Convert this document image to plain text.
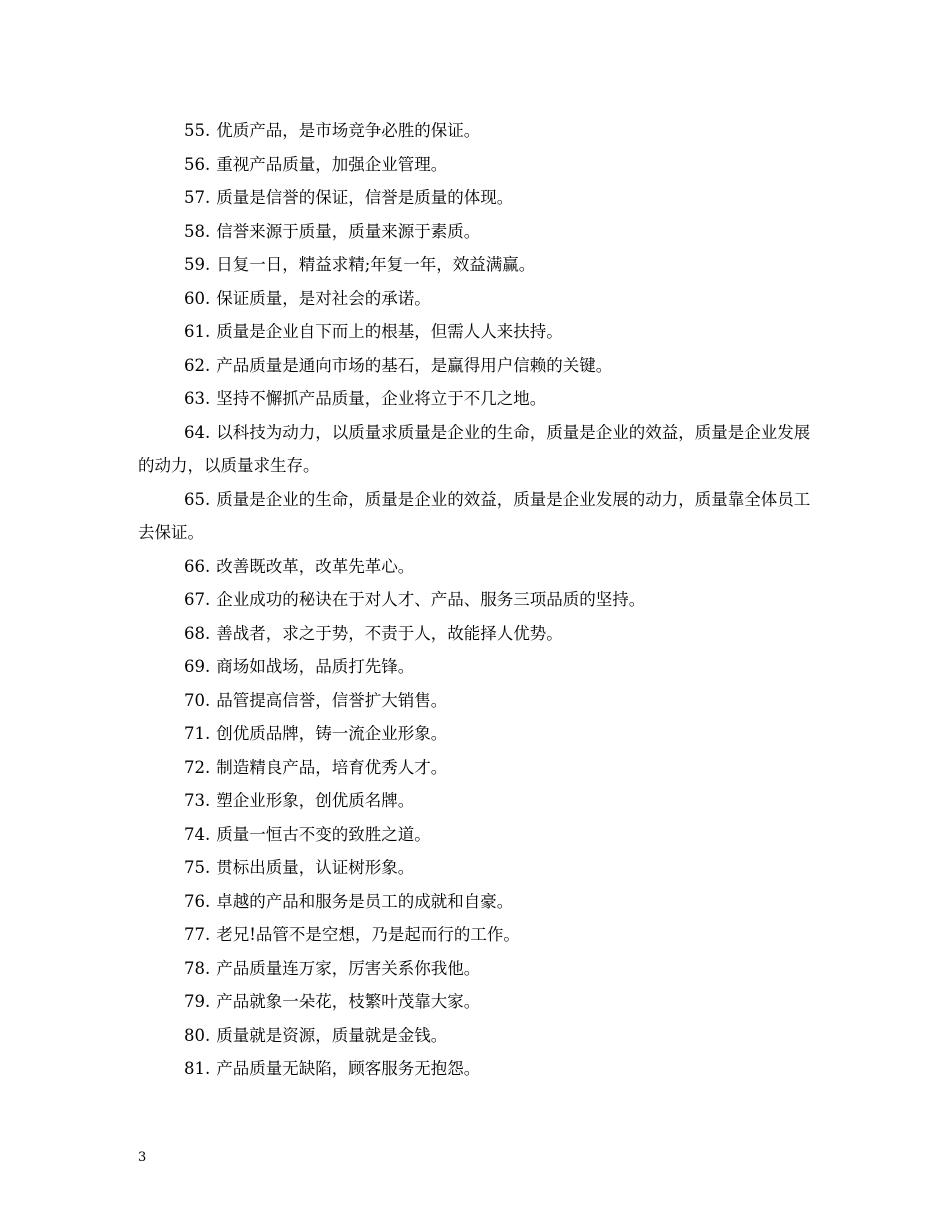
55. 优质产品，是市场竞争必胜的保证。

56. 重视产品质量，加强企业管理。

57. 质量是信誉的保证，信誉是质量的体现。

58. 信誉来源于质量，质量来源于素质。

59. 日复一日，精益求精;年复一年，效益满赢。

60. 保证质量，是对社会的承诺。

61. 质量是企业自下而上的根基，但需人人来扶持。

62. 产品质量是通向市场的基石，是赢得用户信赖的关键。

63. 坚持不懈抓产品质量，企业将立于不几之地。

64. 以科技为动力，以质量求质量是企业的生命，质量是企业的效益，质量是企业发展的动力，以质量求生存。

65. 质量是企业的生命，质量是企业的效益，质量是企业发展的动力，质量靠全体员工去保证。

66. 改善既改革，改革先革心。

67. 企业成功的秘诀在于对人才、产品、服务三项品质的坚持。

68. 善战者，求之于势，不责于人，故能择人优势。

69. 商场如战场，品质打先锋。

70. 品管提高信誉，信誉扩大销售。

71. 创优质品牌，铸一流企业形象。

72. 制造精良产品，培育优秀人才。

73. 塑企业形象，创优质名牌。

74. 质量一恒古不变的致胜之道。

75. 贯标出质量，认证树形象。

76. 卓越的产品和服务是员工的成就和自豪。

77. 老兄!品管不是空想，乃是起而行的工作。

78. 产品质量连万家，厉害关系你我他。

79. 产品就象一朵花，枝繁叶茂靠大家。

80. 质量就是资源，质量就是金钱。

81. 产品质量无缺陷，顾客服务无抱怨。

3
